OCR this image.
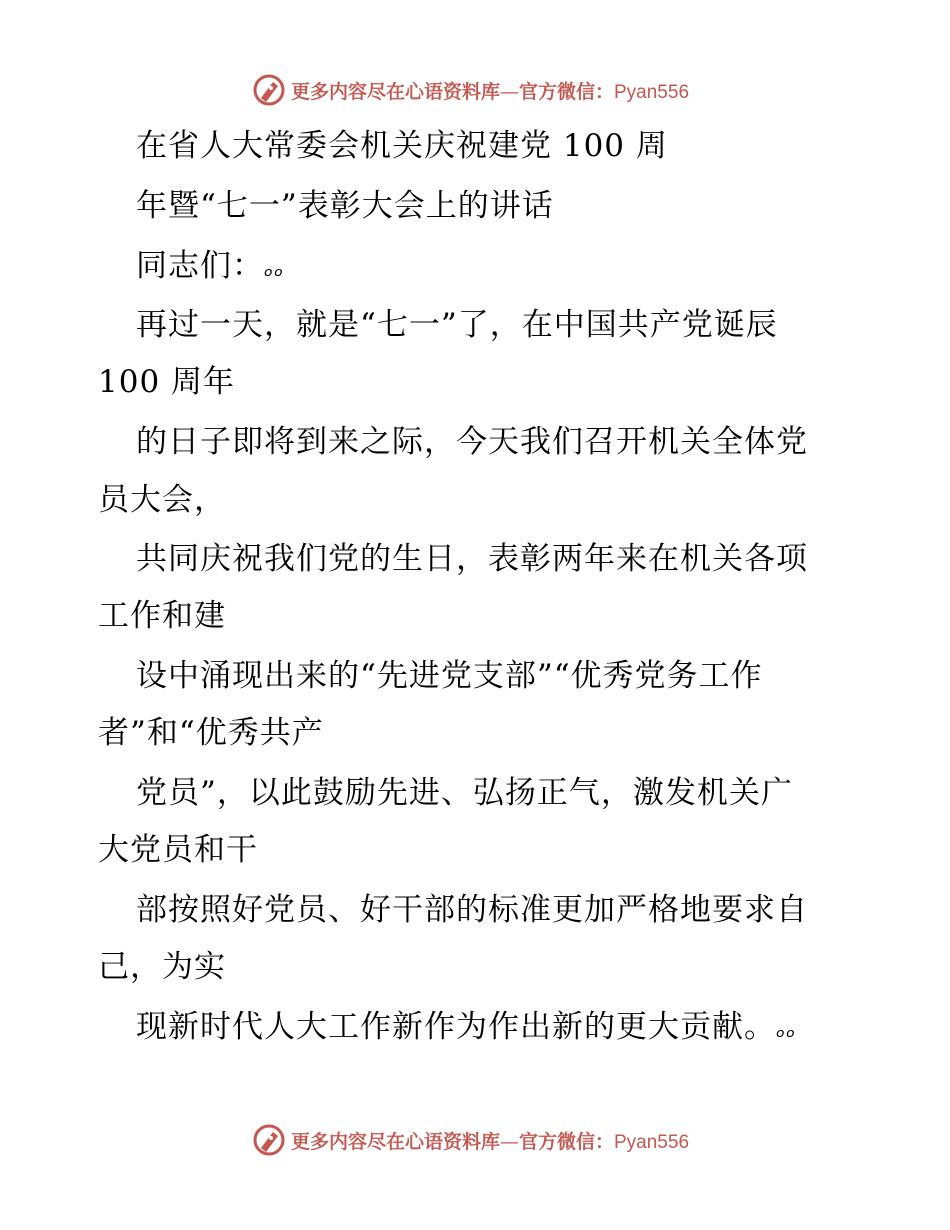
更多内容尽在心语资料库—官方微信：Pyan556
在省人大常委会机关庆祝建党 100 周
年暨“七一”表彰大会上的讲话
同志们：ₒₒ
再过一天，就是“七一”了，在中国共产党诞辰
100 周年
的日子即将到来之际，今天我们召开机关全体党
员大会，
共同庆祝我们党的生日，表彰两年来在机关各项
工作和建
设中涌现出来的“先进党支部”“优秀党务工作
者”和“优秀共产
党员”，以此鼓励先进、弘扬正气，激发机关广
大党员和干
部按照好党员、好干部的标准更加严格地要求自
己，为实
现新时代人大工作新作为作出新的更大贡献。ₒₒ
更多内容尽在心语资料库—官方微信：Pyan556
